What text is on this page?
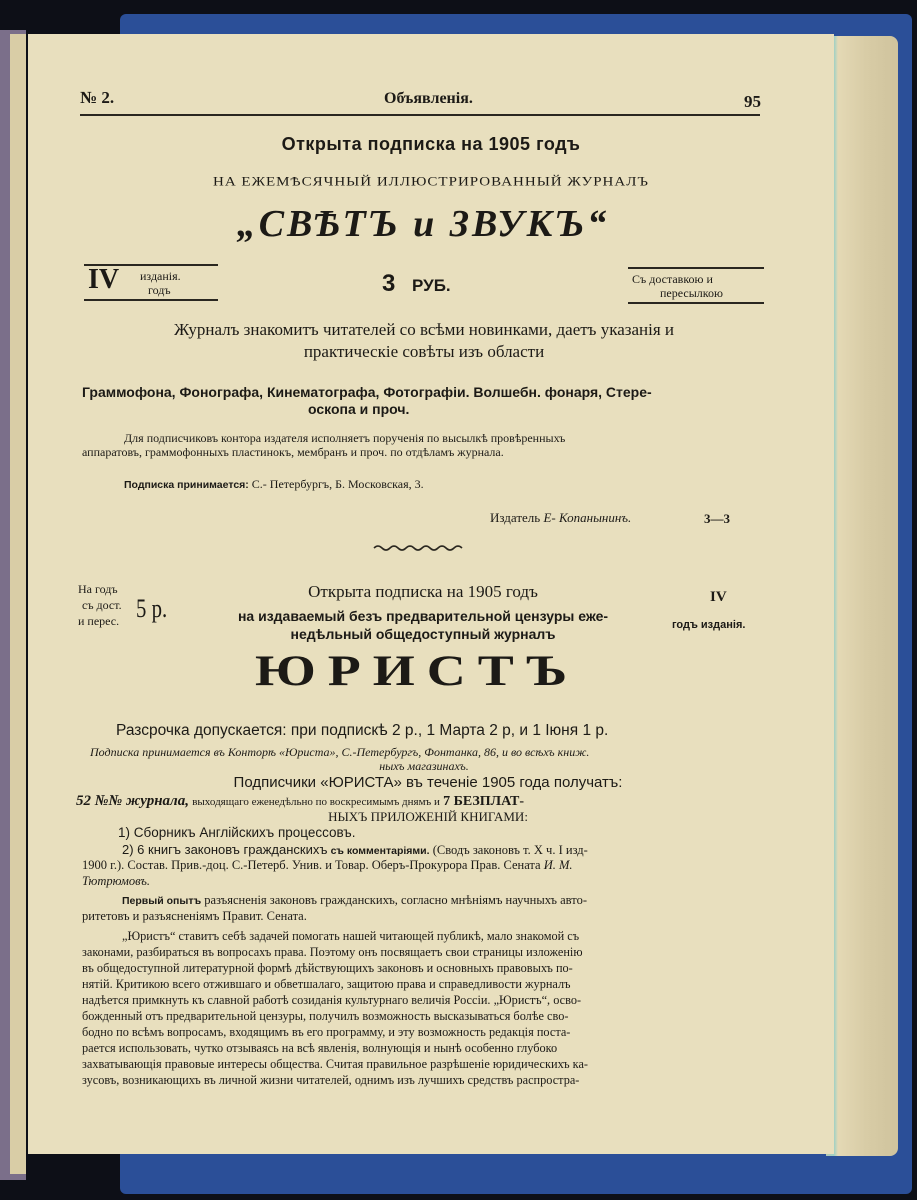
№ 2.	Объявленія.	95
Открыта подписка на 1905 годъ
НА ЕЖЕМѢСЯЧНЫЙ ИЛЛЮСТРИРОВАННЫЙ ЖУРНАЛЪ
„СВѢТЪ и ЗВУКЪ“
IV изданія.
годъ	3 РУБ.	Съ доставкою и
пересылкою
Журналъ знакомитъ читателей со всѣми новинками, даетъ указанія и
практическіе совѣты изъ области
Граммофона, Фонографа, Кинематографа, Фотографіи. Волшебн. фонаря, Стере-
оскопа и проч.
Для подписчиковъ контора издателя исполняетъ порученія по высылкѣ провѣренныхъ
аппаратовъ, граммофонныхъ пластинокъ, мембранъ и проч. по отдѣламъ журнала.
Подписка принимается: С.- Петербургъ, Б. Московская, 3.
Издатель Е- Копанынинъ.	3—3
На годъ
съ дост.
и перес. 5 р.
Открыта подписка на 1905 годъ
на издаваемый безъ предварительной цензуры еже-
недѣльный общедоступный журналъ
IV
годъ изданія.
ЮРИСТЪ
Разсрочка допускается: при подпискѣ 2 р., 1 Марта 2 р, и 1 Іюня 1 р.
Подписка принимается въ Конторѣ «Юриста», С.-Петербургъ, Фонтанка, 86, и во всѣхъ книж.
ныхъ магазинахъ.
Подписчики «ЮРИСТА» въ теченіе 1905 года получатъ:
52 №№ журнала, выходящаго еженедѣльно по воскресимымъ днямъ и 7 БЕЗПЛАТ-
НЫХЪ ПРИЛОЖЕНІЙ КНИГАМИ:
1) Сборникъ Англійскихъ процессовъ.
2) 6 книгъ законовъ гражданскихъ съ комментаріями. (Сводъ законовъ т. X ч. I изд-
1900 г.). Состав. Прив.-доц. С.-Петерб. Унив. и Товар. Оберъ-Прокурора Прав. Сената И. М.
Тютрюмовъ.
Первый опытъ разъясненія законовъ гражданскихъ, согласно мнѣніямъ научныхъ авто-
ритетовъ и разъясненіямъ Правит. Сената.
„Юристъ“ ставитъ себѣ задачей помогать нашей читающей публикѣ, мало знакомой съ
законами, разбираться въ вопросахъ права. Поэтому онъ посвящаетъ свои страницы изложенію
въ общедоступной литературной формѣ дѣйствующихъ законовъ и основныхъ правовыхъ по-
нятій. Критикою всего отжившаго и обветшалаго, защитою права и справедливости журналъ
надѣется примкнуть къ славной работѣ созиданія культурнаго величія Россіи. „Юристъ“, осво-
божденный отъ предварительной цензуры, получилъ возможность высказываться болѣе сво-
бодно по всѣмъ вопросамъ, входящимъ въ его программу, и эту возможность редакція поста-
рается использовать, чутко отзываясь на всѣ явленія, волнующія и нынѣ особенно глубоко
захватывающія правовые интересы общества. Считая правильное разрѣшеніе юридическихъ ка-
зусовъ, возникающихъ въ личной жизни читателей, однимъ изъ лучшихъ средствъ распростра-
